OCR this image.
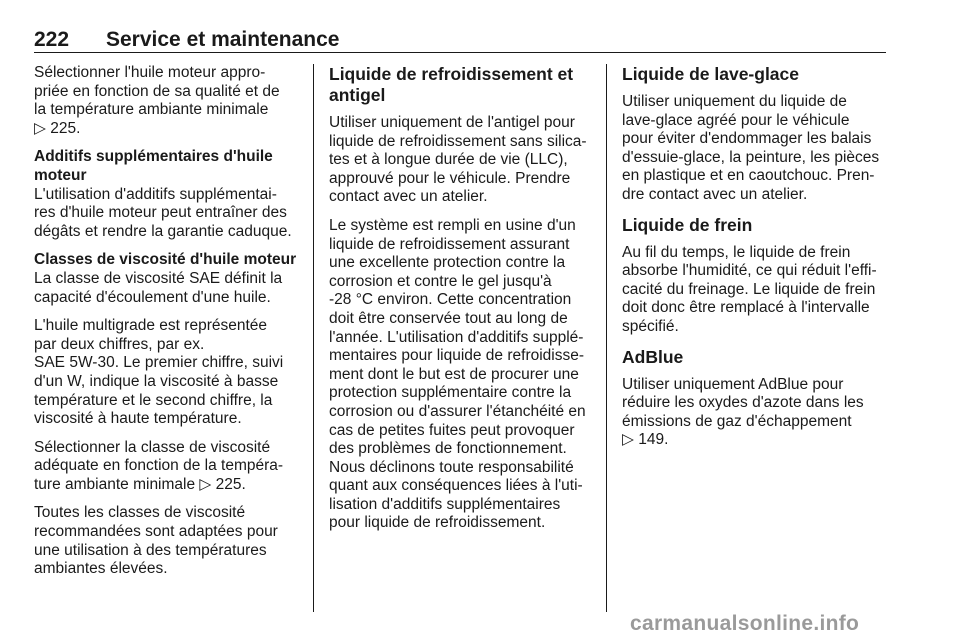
222 Service et maintenance

Sélectionner l'huile moteur appro-
priée en fonction de sa qualité et de
la température ambiante minimale
▷ 225.

Additifs supplémentaires d'huile
moteur

L'utilisation d'additifs supplémentai-
res d'huile moteur peut entraîner des
dégâts et rendre la garantie caduque.

Classes de viscosité d'huile moteur

La classe de viscosité SAE définit la
capacité d'écoulement d'une huile.

L'huile multigrade est représentée
par deux chiffres, par ex.
SAE 5W-30. Le premier chiffre, suivi
d'un W, indique la viscosité à basse
température et le second chiffre, la
viscosité à haute température.

Sélectionner la classe de viscosité
adéquate en fonction de la tempéra-
ture ambiante minimale ▷ 225.

Toutes les classes de viscosité
recommandées sont adaptées pour
une utilisation à des températures
ambiantes élevées.

Liquide de refroidissement et
antigel

Utiliser uniquement de l'antigel pour
liquide de refroidissement sans silica-
tes et à longue durée de vie (LLC),
approuvé pour le véhicule. Prendre
contact avec un atelier.

Le système est rempli en usine d'un
liquide de refroidissement assurant
une excellente protection contre la
corrosion et contre le gel jusqu'à
-28 °C environ. Cette concentration
doit être conservée tout au long de
l'année. L'utilisation d'additifs supplé-
mentaires pour liquide de refroidisse-
ment dont le but est de procurer une
protection supplémentaire contre la
corrosion ou d'assurer l'étanchéité en
cas de petites fuites peut provoquer
des problèmes de fonctionnement.
Nous déclinons toute responsabilité
quant aux conséquences liées à l'uti-
lisation d'additifs supplémentaires
pour liquide de refroidissement.

Liquide de lave-glace

Utiliser uniquement du liquide de
lave-glace agréé pour le véhicule
pour éviter d'endommager les balais
d'essuie-glace, la peinture, les pièces
en plastique et en caoutchouc. Pren-
dre contact avec un atelier.

Liquide de frein

Au fil du temps, le liquide de frein
absorbe l'humidité, ce qui réduit l'effi-
cacité du freinage. Le liquide de frein
doit donc être remplacé à l'intervalle
spécifié.

AdBlue

Utiliser uniquement AdBlue pour
réduire les oxydes d'azote dans les
émissions de gaz d'échappement
▷ 149.

carmanualsonline.info
